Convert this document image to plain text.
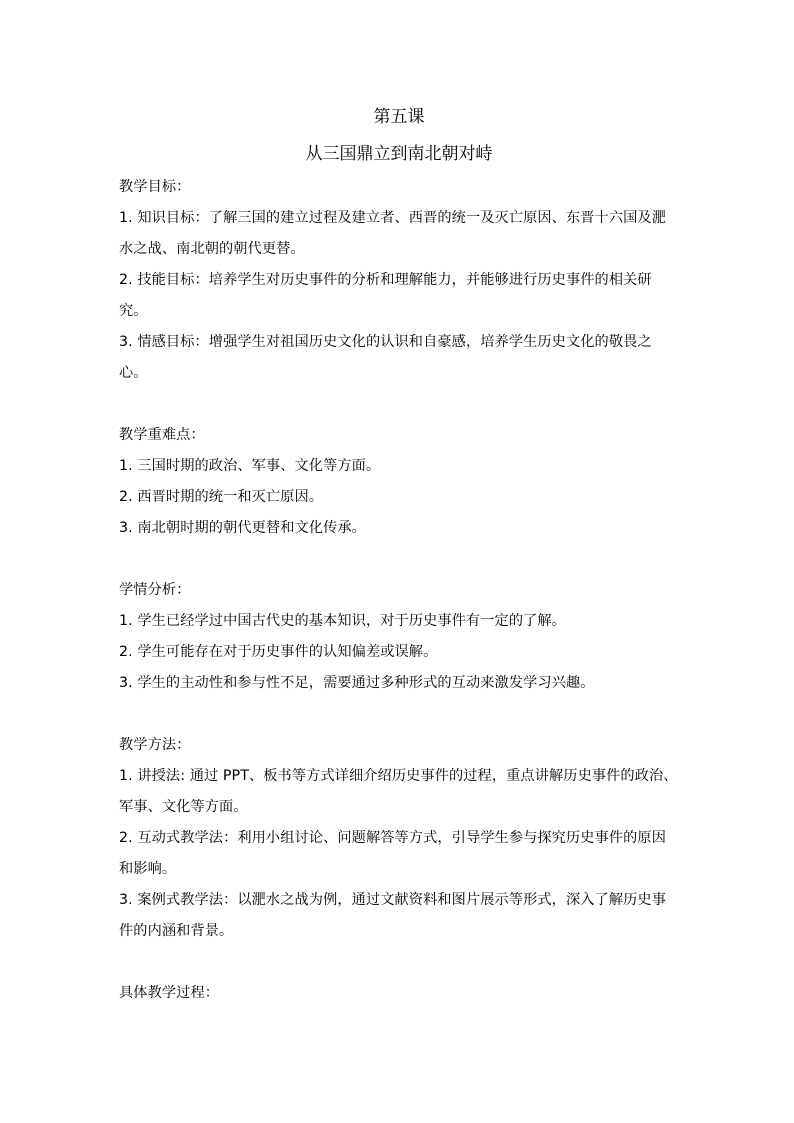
第五课
从三国鼎立到南北朝对峙

教学目标：

1. 知识目标：了解三国的建立过程及建立者、西晋的统一及灭亡原因、东晋十六国及淝水之战、南北朝的朝代更替。

2. 技能目标：培养学生对历史事件的分析和理解能力，并能够进行历史事件的相关研究。

3. 情感目标：增强学生对祖国历史文化的认识和自豪感，培养学生历史文化的敬畏之心。

教学重难点：

1. 三国时期的政治、军事、文化等方面。

2. 西晋时期的统一和灭亡原因。

3. 南北朝时期的朝代更替和文化传承。

学情分析：

1. 学生已经学过中国古代史的基本知识，对于历史事件有一定的了解。

2. 学生可能存在对于历史事件的认知偏差或误解。

3. 学生的主动性和参与性不足，需要通过多种形式的互动来激发学习兴趣。

教学方法：

1. 讲授法: 通过 PPT、板书等方式详细介绍历史事件的过程，重点讲解历史事件的政治、军事、文化等方面。

2. 互动式教学法：利用小组讨论、问题解答等方式，引导学生参与探究历史事件的原因和影响。

3. 案例式教学法：以淝水之战为例，通过文献资料和图片展示等形式，深入了解历史事件的内涵和背景。

具体教学过程：
